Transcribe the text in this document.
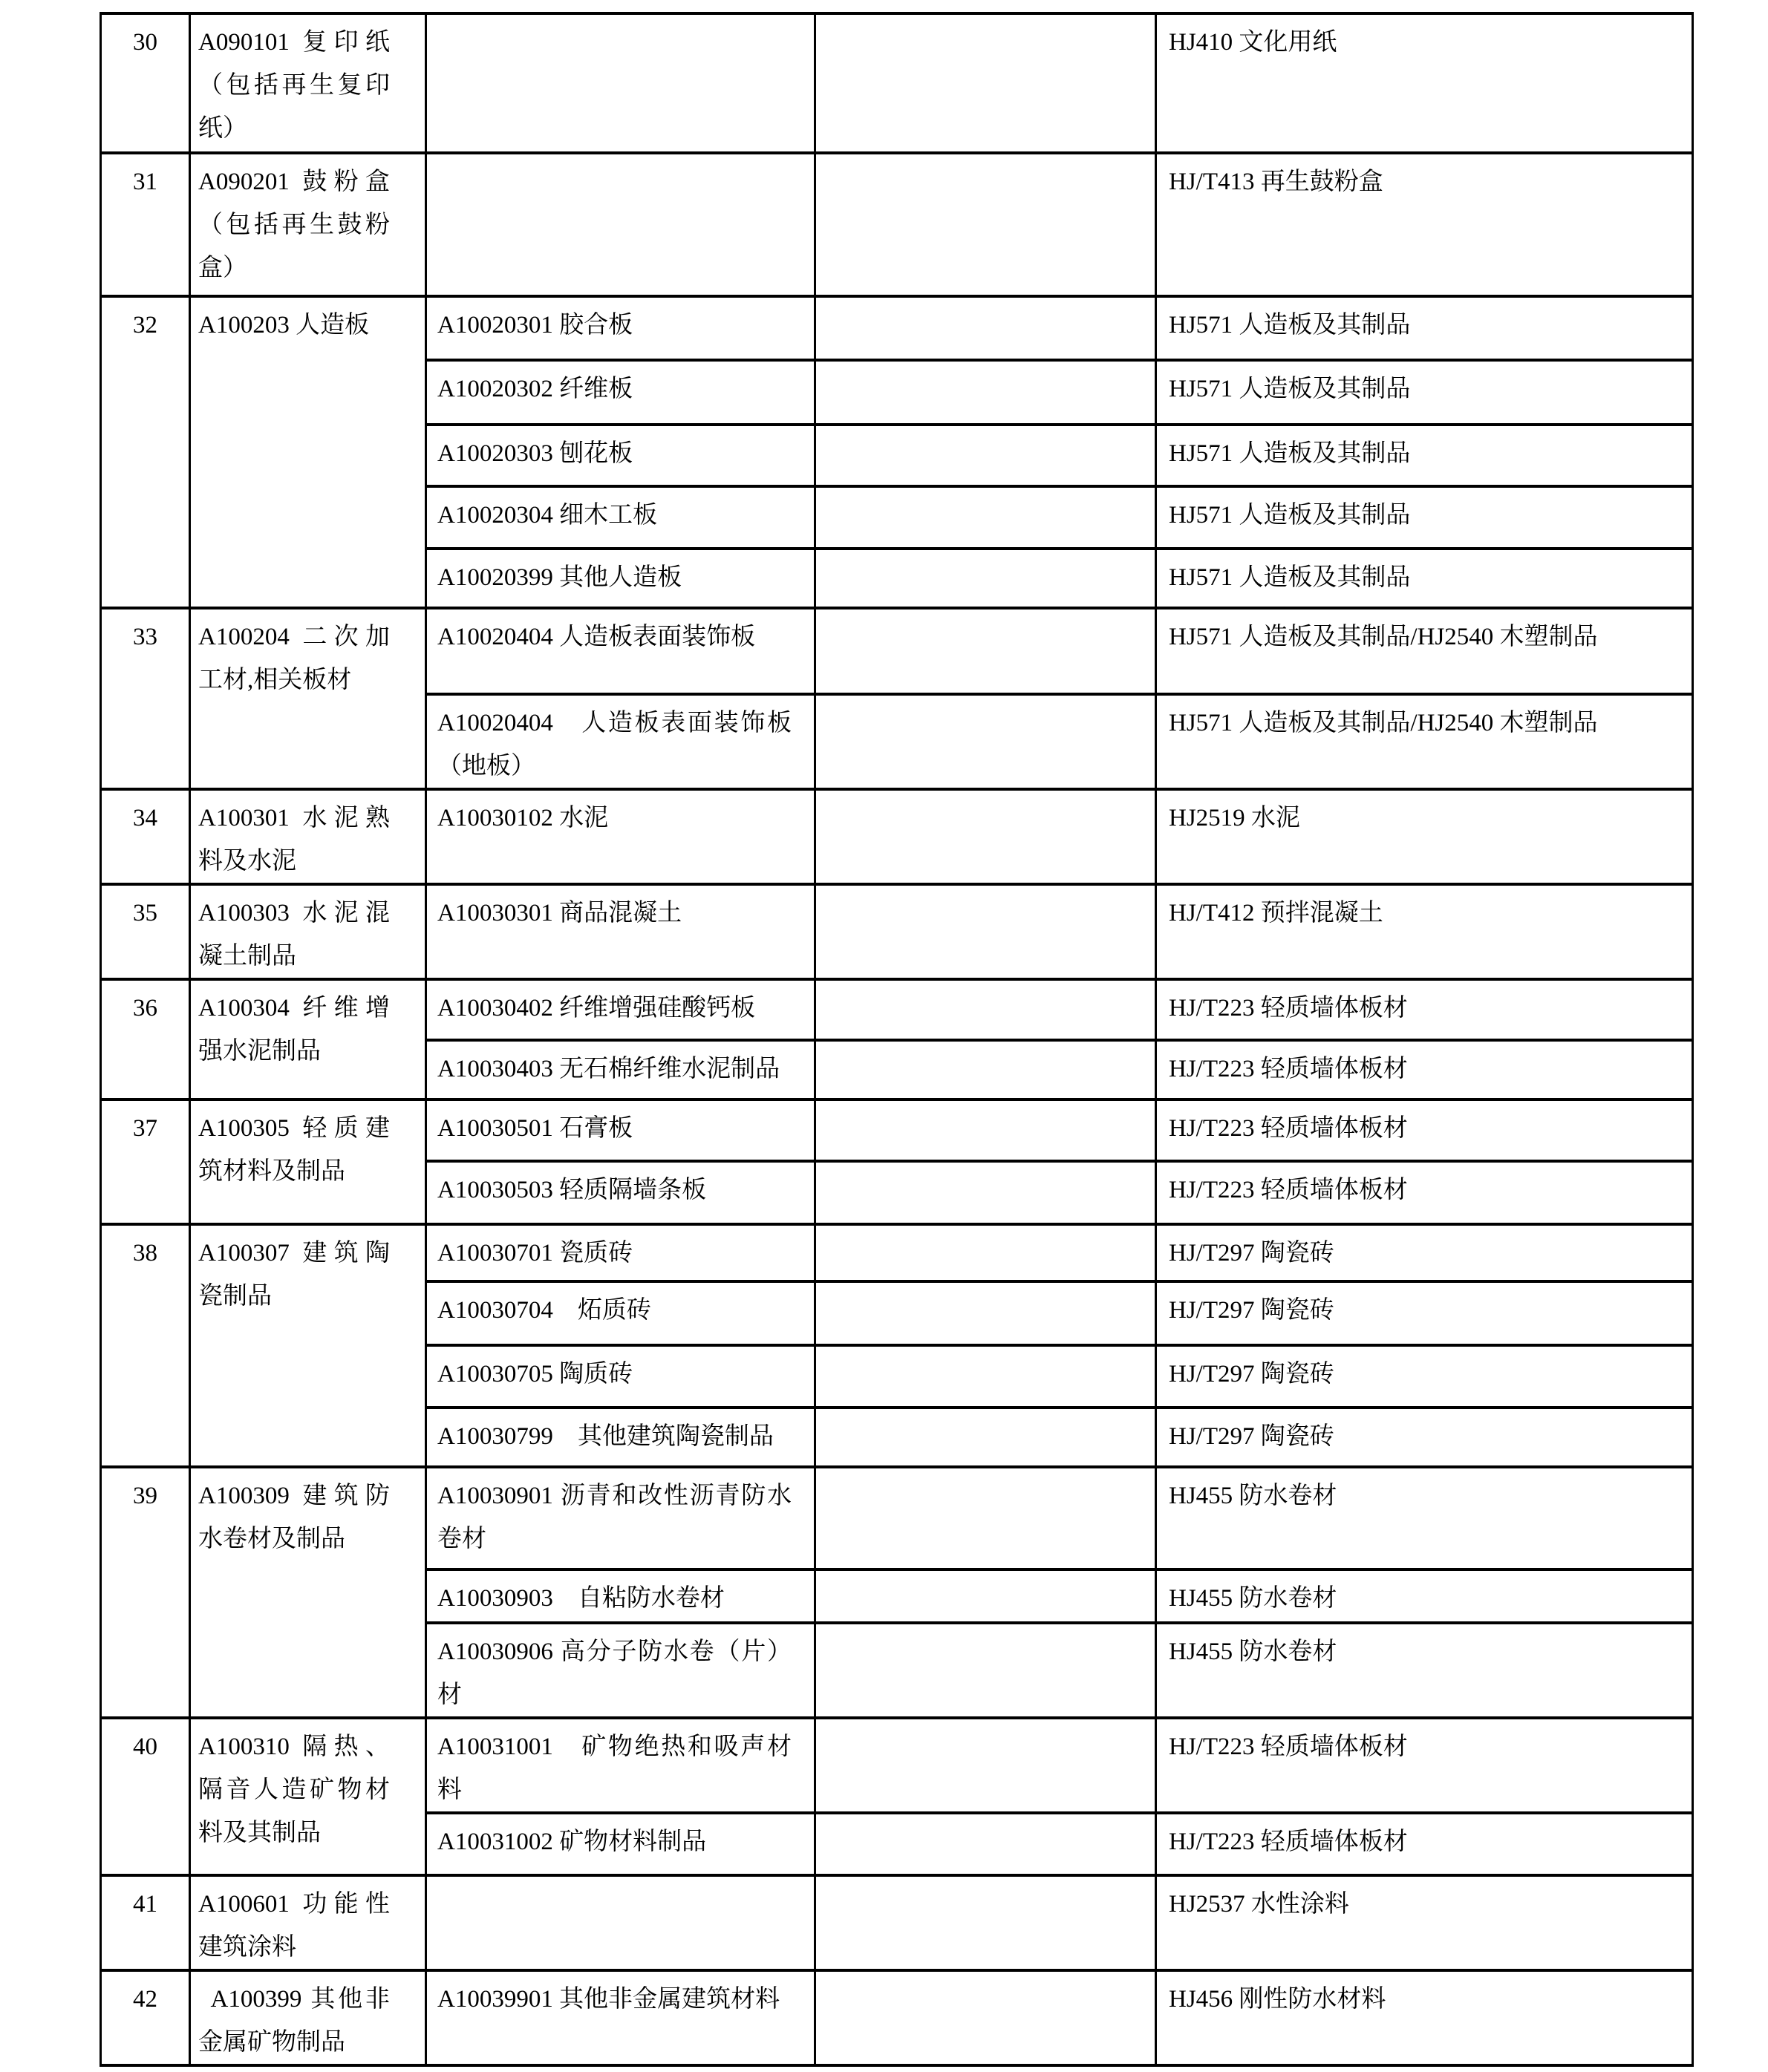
30	A090101 复印纸（包括再生复印纸）			HJ410 文化用纸
31	A090201 鼓粉盒（包括再生鼓粉盒）			HJ/T413 再生鼓粉盒
32	A100203 人造板	A10020301 胶合板		HJ571 人造板及其制品
		A10020302 纤维板		HJ571 人造板及其制品
		A10020303 刨花板		HJ571 人造板及其制品
		A10020304 细木工板		HJ571 人造板及其制品
		A10020399 其他人造板		HJ571 人造板及其制品
33	A100204 二次加工材,相关板材	A10020404 人造板表面装饰板		HJ571 人造板及其制品/HJ2540 木塑制品
		A10020404　人造板表面装饰板（地板）		HJ571 人造板及其制品/HJ2540 木塑制品
34	A100301 水泥熟料及水泥	A10030102 水泥		HJ2519 水泥
35	A100303 水泥混凝土制品	A10030301 商品混凝土		HJ/T412 预拌混凝土
36	A100304 纤维增强水泥制品	A10030402 纤维增强硅酸钙板		HJ/T223 轻质墙体板材
		A10030403 无石棉纤维水泥制品		HJ/T223 轻质墙体板材
37	A100305 轻质建筑材料及制品	A10030501 石膏板		HJ/T223 轻质墙体板材
		A10030503 轻质隔墙条板		HJ/T223 轻质墙体板材
38	A100307 建筑陶瓷制品	A10030701 瓷质砖		HJ/T297 陶瓷砖
		A10030704　炻质砖		HJ/T297 陶瓷砖
		A10030705 陶质砖		HJ/T297 陶瓷砖
		A10030799　其他建筑陶瓷制品		HJ/T297 陶瓷砖
39	A100309 建筑防水卷材及制品	A10030901 沥青和改性沥青防水卷材		HJ455 防水卷材
		A10030903　自粘防水卷材		HJ455 防水卷材
		A10030906 高分子防水卷（片）材		HJ455 防水卷材
40	A100310 隔热、隔音人造矿物材料及其制品	A10031001　矿物绝热和吸声材料		HJ/T223 轻质墙体板材
		A10031002 矿物材料制品		HJ/T223 轻质墙体板材
41	A100601 功能性建筑涂料			HJ2537 水性涂料
42	 A100399 其他非金属矿物制品	A10039901 其他非金属建筑材料		HJ456 刚性防水材料
